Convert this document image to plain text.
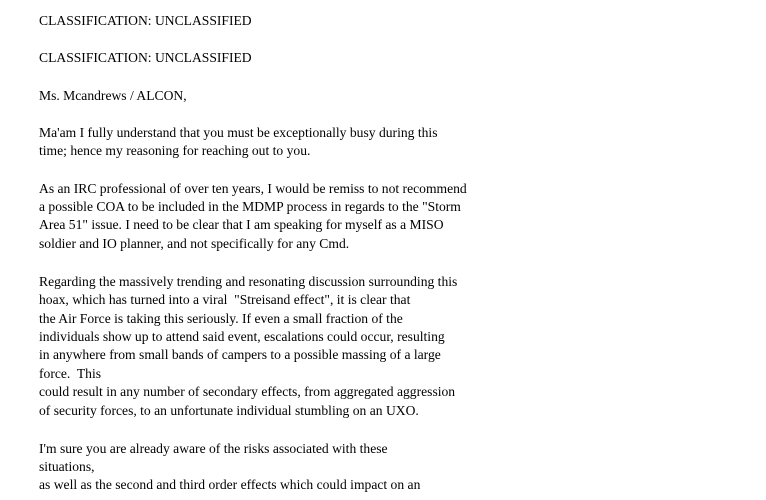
CLASSIFICATION: UNCLASSIFIED
CLASSIFICATION: UNCLASSIFIED
Ms. Mcandrews / ALCON,
Ma'am I fully understand that you must be exceptionally busy during this
time; hence my reasoning for reaching out to you.
As an IRC professional of over ten years, I would be remiss to not recommend
a possible COA to be included in the MDMP process in regards to the "Storm
Area 51" issue. I need to be clear that I am speaking for myself as a MISO
soldier and IO planner, and not specifically for any Cmd.
Regarding the massively trending and resonating discussion surrounding this
hoax, which has turned into a viral  "Streisand effect", it is clear that
the Air Force is taking this seriously. If even a small fraction of the
individuals show up to attend said event, escalations could occur, resulting
in anywhere from small bands of campers to a possible massing of a large
force.  This
could result in any number of secondary effects, from aggregated aggression
of security forces, to an unfortunate individual stumbling on an UXO.
I'm sure you are already aware of the risks associated with these
situations,
as well as the second and third order effects which could impact on an
